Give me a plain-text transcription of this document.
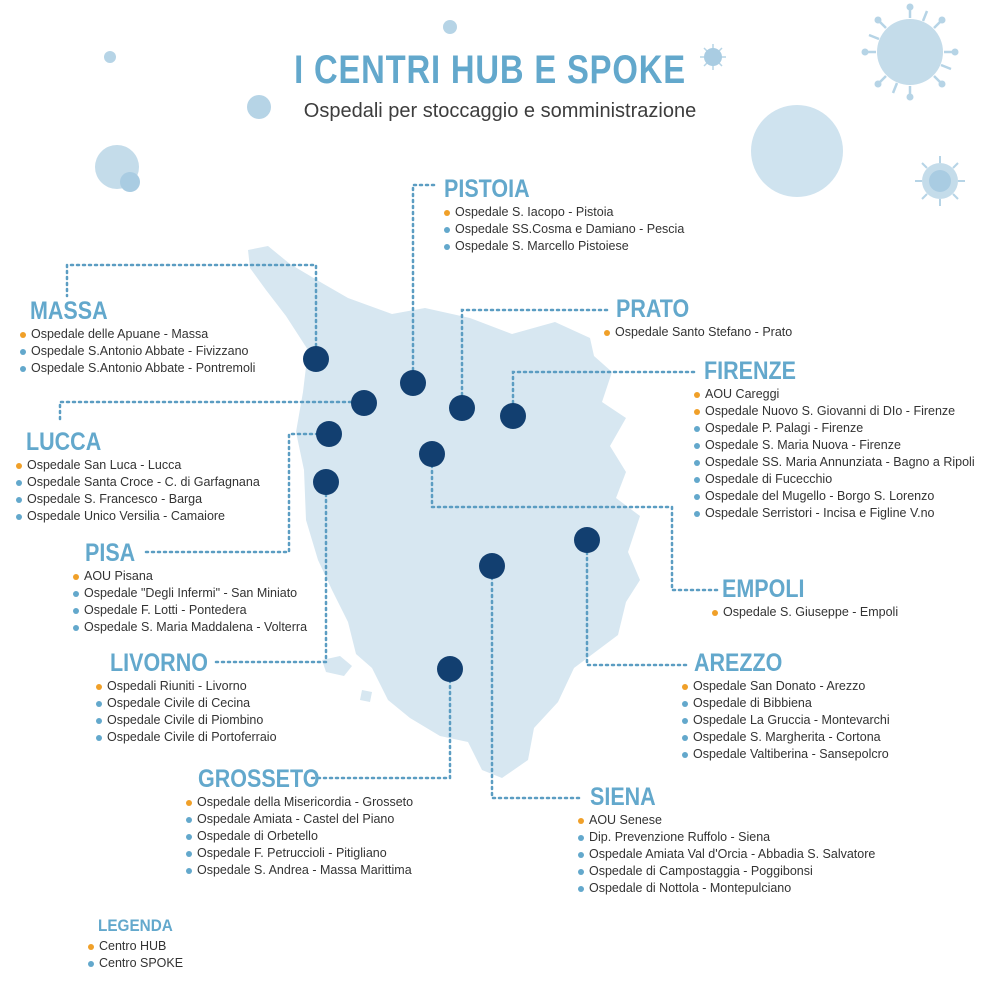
I CENTRI HUB E SPOKE
Ospedali per stoccaggio e somministrazione
PISTOIA
Ospedale S. Iacopo - Pistoia
Ospedale SS.Cosma e Damiano - Pescia
Ospedale S. Marcello Pistoiese
MASSA
Ospedale delle Apuane - Massa
Ospedale S.Antonio Abbate - Fivizzano
Ospedale S.Antonio Abbate - Pontremoli
PRATO
Ospedale Santo Stefano - Prato
FIRENZE
AOU Careggi
Ospedale Nuovo S. Giovanni di DIo - Firenze
Ospedale P. Palagi - Firenze
Ospedale S. Maria Nuova - Firenze
Ospedale SS. Maria Annunziata - Bagno a Ripoli
Ospedale di Fucecchio
Ospedale del Mugello - Borgo S. Lorenzo
Ospedale Serristori - Incisa e Figline V.no
LUCCA
Ospedale San Luca - Lucca
Ospedale Santa Croce - C. di Garfagnana
Ospedale S. Francesco - Barga
Ospedale Unico Versilia - Camaiore
PISA
AOU Pisana
Ospedale "Degli Infermi" - San Miniato
Ospedale F. Lotti - Pontedera
Ospedale S. Maria Maddalena - Volterra
EMPOLI
Ospedale S. Giuseppe - Empoli
LIVORNO
Ospedali Riuniti - Livorno
Ospedale Civile di Cecina
Ospedale Civile di Piombino
Ospedale Civile di Portoferraio
AREZZO
Ospedale San Donato - Arezzo
Ospedale di Bibbiena
Ospedale La Gruccia - Montevarchi
Ospedale S. Margherita - Cortona
Ospedale Valtiberina - Sansepolcro
GROSSETO
Ospedale della Misericordia - Grosseto
Ospedale Amiata - Castel del Piano
Ospedale di Orbetello
Ospedale F. Petruccioli - Pitigliano
Ospedale S. Andrea - Massa Marittima
SIENA
AOU Senese
Dip. Prevenzione Ruffolo - Siena
Ospedale Amiata Val d'Orcia - Abbadia S. Salvatore
Ospedale di Campostaggia - Poggibonsi
Ospedale di Nottola - Montepulciano
LEGENDA
Centro HUB
Centro SPOKE
